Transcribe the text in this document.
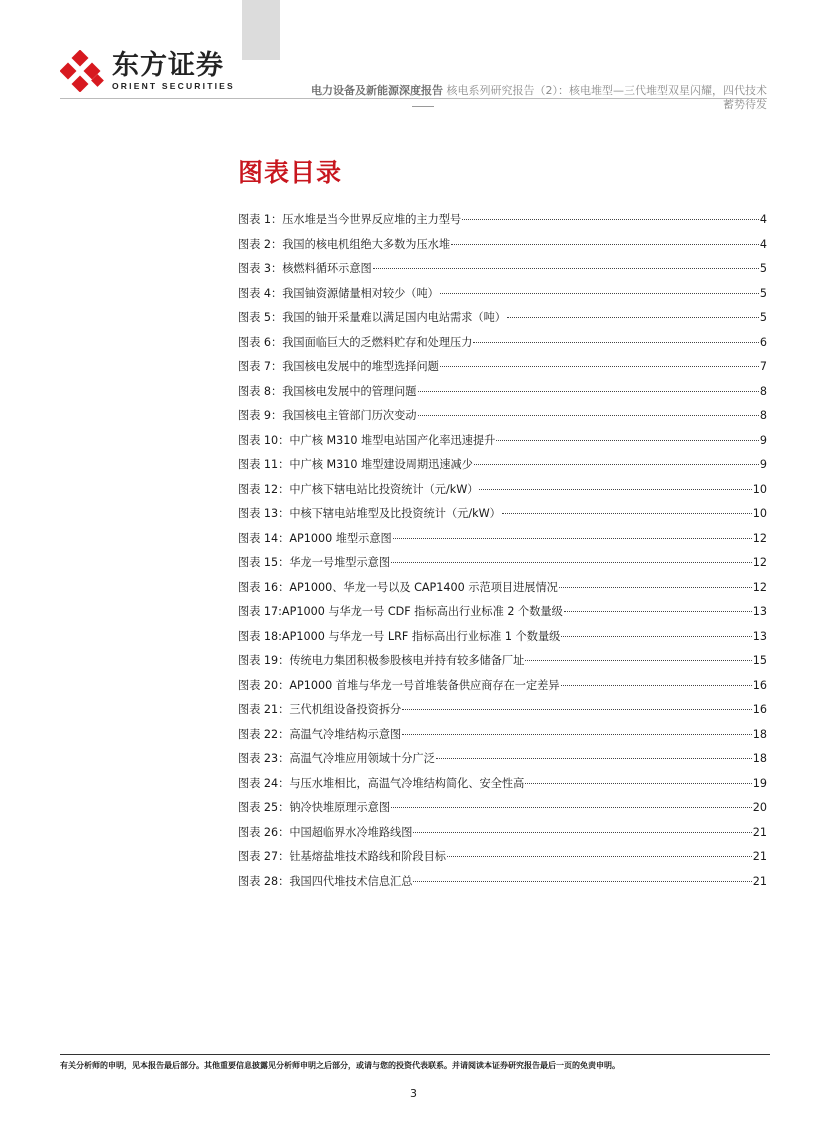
东方证券
ORIENT SECURITIES	电力设备及新能源深度报告 核电系列研究报告（2）：核电堆型—三代堆型双星闪耀，四代技术
蓄势待发
图表目录
图表 1：压水堆是当今世界反应堆的主力型号	4
图表 2：我国的核电机组绝大多数为压水堆	4
图表 3：核燃料循环示意图	5
图表 4：我国铀资源储量相对较少（吨）	5
图表 5：我国的铀开采量难以满足国内电站需求（吨）	5
图表 6：我国面临巨大的乏燃料贮存和处理压力	6
图表 7：我国核电发展中的堆型选择问题	7
图表 8：我国核电发展中的管理问题	8
图表 9：我国核电主管部门历次变动	8
图表 10：中广核 M310 堆型电站国产化率迅速提升	9
图表 11：中广核 M310 堆型建设周期迅速减少	9
图表 12：中广核下辖电站比投资统计（元/kW）	10
图表 13：中核下辖电站堆型及比投资统计（元/kW）	10
图表 14：AP1000 堆型示意图	12
图表 15：华龙一号堆型示意图	12
图表 16：AP1000、华龙一号以及 CAP1400 示范项目进展情况	12
图表 17:AP1000 与华龙一号 CDF 指标高出行业标准 2 个数量级	13
图表 18:AP1000 与华龙一号 LRF 指标高出行业标准 1 个数量级	13
图表 19：传统电力集团积极参股核电并持有较多储备厂址	15
图表 20：AP1000 首堆与华龙一号首堆装备供应商存在一定差异	16
图表 21：三代机组设备投资拆分	16
图表 22：高温气冷堆结构示意图	18
图表 23：高温气冷堆应用领域十分广泛	18
图表 24：与压水堆相比，高温气冷堆结构简化、安全性高	19
图表 25：钠冷快堆原理示意图	20
图表 26：中国超临界水冷堆路线图	21
图表 27：钍基熔盐堆技术路线和阶段目标	21
图表 28：我国四代堆技术信息汇总	21
有关分析师的申明，见本报告最后部分。其他重要信息披露见分析师申明之后部分，或请与您的投资代表联系。并请阅读本证券研究报告最后一页的免责申明。
3
